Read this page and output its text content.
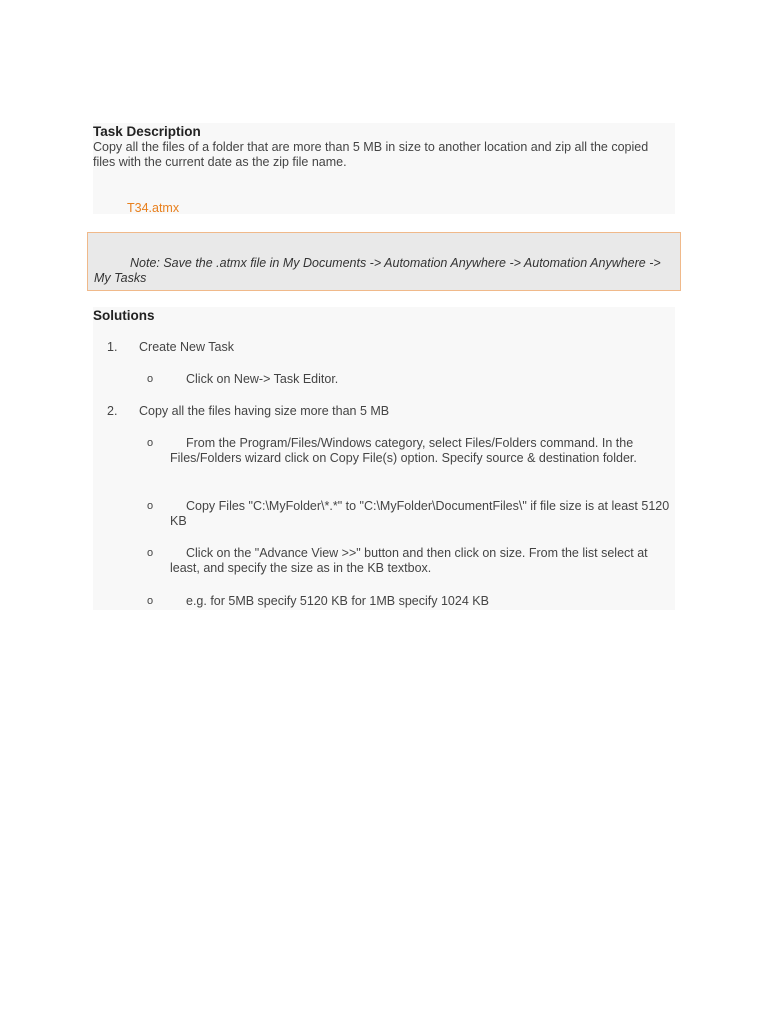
Task Description

Copy all the files of a folder that are more than 5 MB in size to another location and zip all the copied files with the current date as the zip file name.

T34.atmx

Note: Save the .atmx file in My Documents -> Automation Anywhere -> Automation Anywhere -> My Tasks

Solutions
1. Create New Task
o	Click on New-> Task Editor.

2. Copy all the files having size more than 5 MB
o	From the Program/Files/Windows category, select Files/Folders command. In the Files/Folders wizard click on Copy File(s) option. Specify source & destination folder.

o	Copy Files "C:\MyFolder\*.*" to "C:\MyFolder\DocumentFiles\" if file size is at least 5120 KB

o	Click on the "Advance View >>" button and then click on size. From the list select at least, and specify the size as in the KB textbox.

o	e.g. for 5MB specify 5120 KB for 1MB specify 1024 KB
